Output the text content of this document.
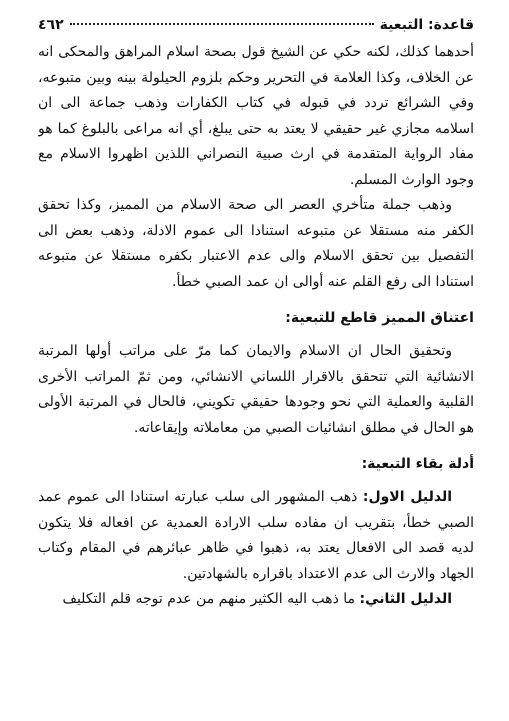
قاعدة: التبعية
٤٦٢

أحدهما كذلك، لكنه حكي عن الشيخ قول بصحة اسلام المراهق والمحكى انه عن الخلاف، وكذا العلامة في التحرير وحكم بلزوم الحيلولة بينه وبين متبوعه، وفي الشرائع تردد في قبوله في كتاب الكفارات وذهب جماعة الى ان اسلامه مجازي غير حقيقي لا يعتد به حتى يبلغ، أي انه مراعى بالبلوغ كما هو مفاد الرواية المتقدمة في ارث صبية النصراني اللذين اظهروا الاسلام مع وجود الوارث المسلم.

وذهب جملة متأخري العصر الى صحة الاسلام من المميز، وكذا تحقق الكفر منه مستقلا عن متبوعه استنادا الى عموم الادلة، وذهب بعض الى التفصيل بين تحقق الاسلام والى عدم الاعتبار بكفره مستقلا عن متبوعه استنادا الى رفع القلم عنه أوالى ان عمد الصبي خطأ.

اعتناق المميز قاطع للتبعية:

وتحقيق الحال ان الاسلام والايمان كما مرّ على مراتب أولها المرتبة الانشائية التي تتحقق بالاقرار اللساني الانشائي، ومن ثمّ المراتب الأخرى القلبية والعملية التي نحو وجودها حقيقي تكويني، فالحال في المرتبة الأولى هو الحال في مطلق انشائيات الصبي من معاملاته وإيقاعاته.

أدلة بقاء التبعية:

الدليل الاول: ذهب المشهور الى سلب عبارته استنادا الى عموم عمد الصبي خطأ، بتقريب ان مفاده سلب الارادة العمدية عن افعاله فلا يتكون لديه قصد الى الافعال يعتد به، ذهبوا في ظاهر عبائرهم في المقام وكتاب الجهاد والارث الى عدم الاعتداد باقراره بالشهادتين.

الدليل الثاني: ما ذهب اليه الكثير منهم من عدم توجه قلم التكليف
